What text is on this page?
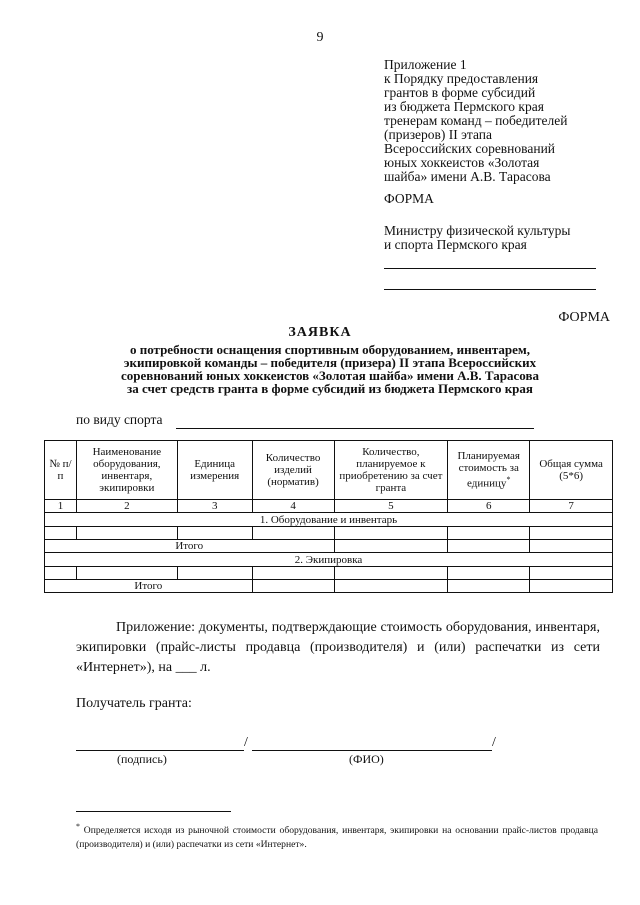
9
Приложение 1
к Порядку предоставления
грантов в форме субсидий
из бюджета Пермского края
тренерам команд – победителей
(призеров) II этапа
Всероссийских соревнований
юных хоккеистов «Золотая
шайба» имени А.В. Тарасова
ФОРМА
Министру физической культуры
и спорта Пермского края
ФОРМА
ЗАЯВКА
о потребности оснащения спортивным оборудованием, инвентарем,
экипировкой команды – победителя (призера) II этапа Всероссийских
соревнований юных хоккеистов «Золотая шайба» имени А.В. Тарасова
за счет средств гранта в форме субсидий из бюджета Пермского края
по виду спорта
№ п/п	Наименование оборудования, инвентаря, экипировки	Единица измерения	Количество изделий (норматив)	Количество, планируемое к приобретению за счет гранта	Планируемая стоимость за единицу*	Общая сумма (5*6)
1	2	3	4	5	6	7
1. Оборудование и инвентарь						

Итого						
2. Экипировка						

Итого						
Приложение: документы, подтверждающие стоимость оборудования, инвентаря, экипировки (прайс-листы продавца (производителя) и (или) распечатки из сети «Интернет»), на ___ л.
Получатель гранта:
/	/
(подпись)	(ФИО)
* Определяется исходя из рыночной стоимости оборудования, инвентаря, экипировки на основании прайс-листов продавца (производителя) и (или) распечатки из сети «Интернет».
